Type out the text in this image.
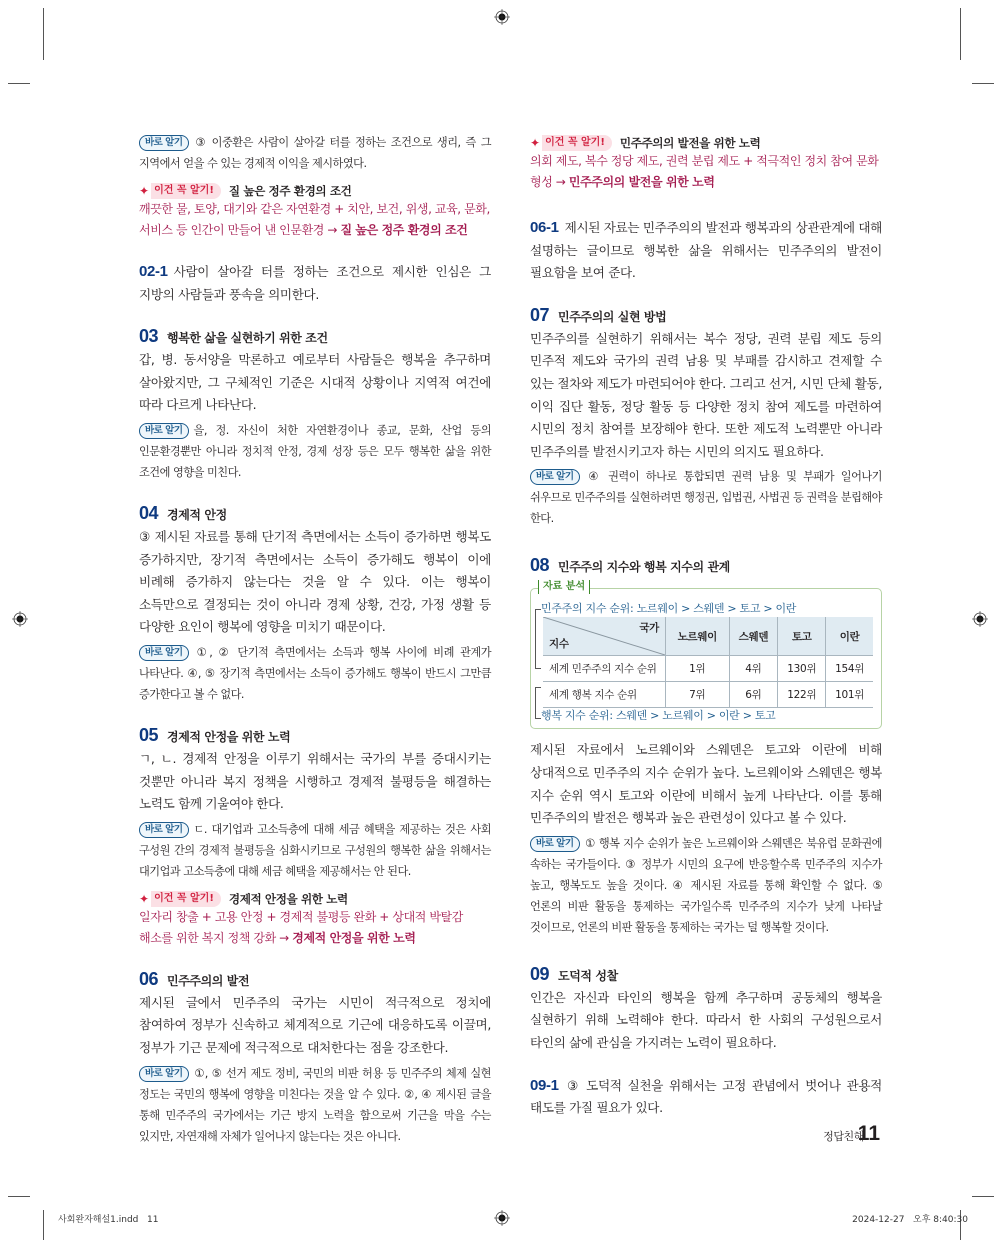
바로 알기 ③ 이중환은 사람이 살아갈 터를 정하는 조건으로 생리, 즉 그 지역에서 얻을 수 있는 경제적 이익을 제시하였다.

✦ 이건 꼭 알기!	질 높은 정주 환경의 조건

깨끗한 물, 토양, 대기와 같은 자연환경 + 치안, 보건, 위생, 교육, 문화, 서비스 등 인간이 만들어 낸 인문환경 → 질 높은 정주 환경의 조건

02-1 사람이 살아갈 터를 정하는 조건으로 제시한 인심은 그 지방의 사람들과 풍속을 의미한다.

03 행복한 삶을 실현하기 위한 조건

갑, 병. 동서양을 막론하고 예로부터 사람들은 행복을 추구하며 살아왔지만, 그 구체적인 기준은 시대적 상황이나 지역적 여건에 따라 다르게 나타난다.

바로 알기 을, 정. 자신이 처한 자연환경이나 종교, 문화, 산업 등의 인문환경뿐만 아니라 정치적 안정, 경제 성장 등은 모두 행복한 삶을 위한 조건에 영향을 미친다.

04 경제적 안정

③ 제시된 자료를 통해 단기적 측면에서는 소득이 증가하면 행복도 증가하지만, 장기적 측면에서는 소득이 증가해도 행복이 이에 비례해 증가하지 않는다는 것을 알 수 있다. 이는 행복이 소득만으로 결정되는 것이 아니라 경제 상황, 건강, 가정 생활 등 다양한 요인이 행복에 영향을 미치기 때문이다.

바로 알기 ①, ② 단기적 측면에서는 소득과 행복 사이에 비례 관계가 나타난다. ④, ⑤ 장기적 측면에서는 소득이 증가해도 행복이 반드시 그만큼 증가한다고 볼 수 없다.

05 경제적 안정을 위한 노력

ㄱ, ㄴ. 경제적 안정을 이루기 위해서는 국가의 부를 증대시키는 것뿐만 아니라 복지 정책을 시행하고 경제적 불평등을 해결하는 노력도 함께 기울여야 한다.

바로 알기 ㄷ. 대기업과 고소득층에 대해 세금 혜택을 제공하는 것은 사회 구성원 간의 경제적 불평등을 심화시키므로 구성원의 행복한 삶을 위해서는 대기업과 고소득층에 대해 세금 혜택을 제공해서는 안 된다.

✦ 이건 꼭 알기!	경제적 안정을 위한 노력

일자리 창출 + 고용 안정 + 경제적 불평등 완화 + 상대적 박탈감 해소를 위한 복지 정책 강화 → 경제적 안정을 위한 노력

06 민주주의의 발전

제시된 글에서 민주주의 국가는 시민이 적극적으로 정치에 참여하여 정부가 신속하고 체계적으로 기근에 대응하도록 이끌며, 정부가 기근 문제에 적극적으로 대처한다는 점을 강조한다.

바로 알기 ①, ⑤ 선거 제도 정비, 국민의 비판 허용 등 민주주의 체제 실현 정도는 국민의 행복에 영향을 미친다는 것을 알 수 있다. ②, ④ 제시된 글을 통해 민주주의 국가에서는 기근 방지 노력을 함으로써 기근을 막을 수는 있지만, 자연재해 자체가 일어나지 않는다는 것은 아니다.

✦ 이건 꼭 알기!	민주주의의 발전을 위한 노력

의회 제도, 복수 정당 제도, 권력 분립 제도 + 적극적인 정치 참여 문화 형성 → 민주주의의 발전을 위한 노력

06-1 제시된 자료는 민주주의의 발전과 행복과의 상관관계에 대해 설명하는 글이므로 행복한 삶을 위해서는 민주주의의 발전이 필요함을 보여 준다.

07 민주주의의 실현 방법

민주주의를 실현하기 위해서는 복수 정당, 권력 분립 제도 등의 민주적 제도와 국가의 권력 남용 및 부패를 감시하고 견제할 수 있는 절차와 제도가 마련되어야 한다. 그리고 선거, 시민 단체 활동, 이익 집단 활동, 정당 활동 등 다양한 정치 참여 제도를 마련하여 시민의 정치 참여를 보장해야 한다. 또한 제도적 노력뿐만 아니라 민주주의를 발전시키고자 하는 시민의 의지도 필요하다.

바로 알기 ④ 권력이 하나로 통합되면 권력 남용 및 부패가 일어나기 쉬우므로 민주주의를 실현하려면 행정권, 입법권, 사법권 등 권력을 분립해야 한다.

08 민주주의 지수와 행복 지수의 관계
자료 분석
민주주의 지수 순위: 노르웨이 > 스웨덴 > 토고 > 이란
국가
지수	노르웨이	스웨덴	토고	이란
세계 민주주의 지수 순위	1위	4위	130위	154위
세계 행복 지수 순위	7위	6위	122위	101위
행복 지수 순위: 스웨덴 > 노르웨이 > 이란 > 토고

제시된 자료에서 노르웨이와 스웨덴은 토고와 이란에 비해 상대적으로 민주주의 지수 순위가 높다. 노르웨이와 스웨덴은 행복 지수 순위 역시 토고와 이란에 비해서 높게 나타난다. 이를 통해 민주주의의 발전은 행복과 높은 관련성이 있다고 볼 수 있다.

바로 알기 ① 행복 지수 순위가 높은 노르웨이와 스웨덴은 북유럽 문화권에 속하는 국가들이다. ③ 정부가 시민의 요구에 반응할수록 민주주의 지수가 높고, 행복도도 높을 것이다. ④ 제시된 자료를 통해 확인할 수 없다. ⑤ 언론의 비판 활동을 통제하는 국가일수록 민주주의 지수가 낮게 나타날 것이므로, 언론의 비판 활동을 통제하는 국가는 덜 행복할 것이다.

09 도덕적 성찰

인간은 자신과 타인의 행복을 함께 추구하며 공동체의 행복을 실현하기 위해 노력해야 한다. 따라서 한 사회의 구성원으로서 타인의 삶에 관심을 가지려는 노력이 필요하다.

09-1 ③ 도덕적 실천을 위해서는 고정 관념에서 벗어나 관용적 태도를 가질 필요가 있다.

정답친해
11
사회완자해설1.indd   11	2024-12-27   오후 8:40:30
